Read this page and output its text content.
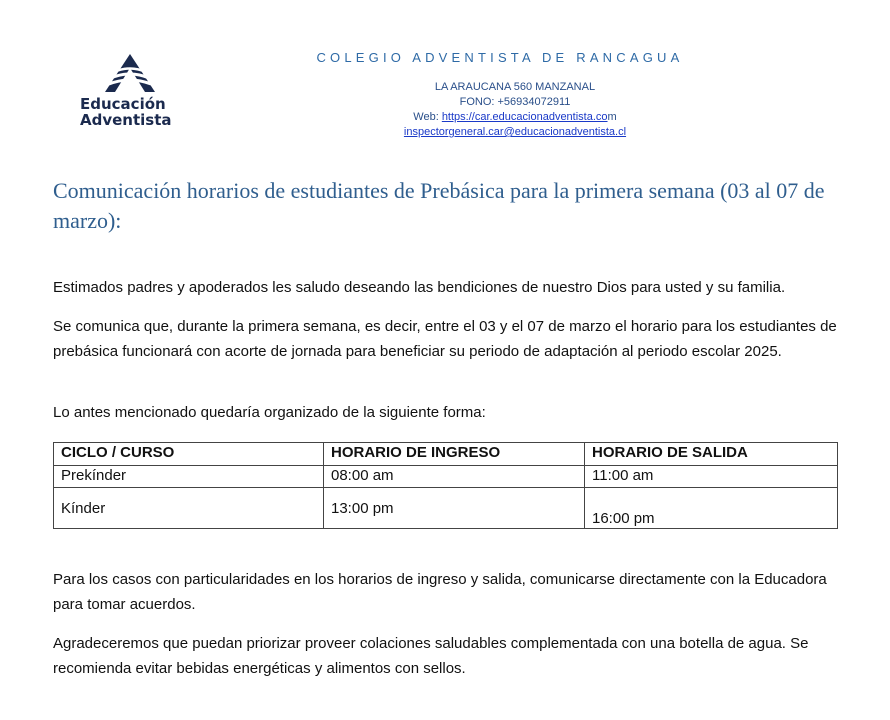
Educación
Adventista

COLEGIO ADVENTISTA DE RANCAGUA

LA ARAUCANA 560 MANZANAL
FONO: +56934072911
Web: https://car.educacionadventista.com
inspectorgeneral.car@educacionadventista.cl
Comunicación horarios de estudiantes de Prebásica para la primera semana (03 al 07 de marzo):

Estimados padres y apoderados les saludo deseando las bendiciones de nuestro Dios para usted y su familia.

Se comunica que, durante la primera semana, es decir, entre el 03 y el 07 de marzo el horario para los estudiantes de prebásica funcionará con acorte de jornada para beneficiar su periodo de adaptación al periodo escolar 2025.

Lo antes mencionado quedaría organizado de la siguiente forma:

CICLO / CURSO	HORARIO DE INGRESO	HORARIO DE SALIDA
Prekínder	08:00 am	11:00 am
Kínder	13:00 pm	16:00 pm

Para los casos con particularidades en los horarios de ingreso y salida, comunicarse directamente con la Educadora para tomar acuerdos.

Agradeceremos que puedan priorizar proveer colaciones saludables complementada con una botella de agua. Se recomienda evitar bebidas energéticas y alimentos con sellos.
